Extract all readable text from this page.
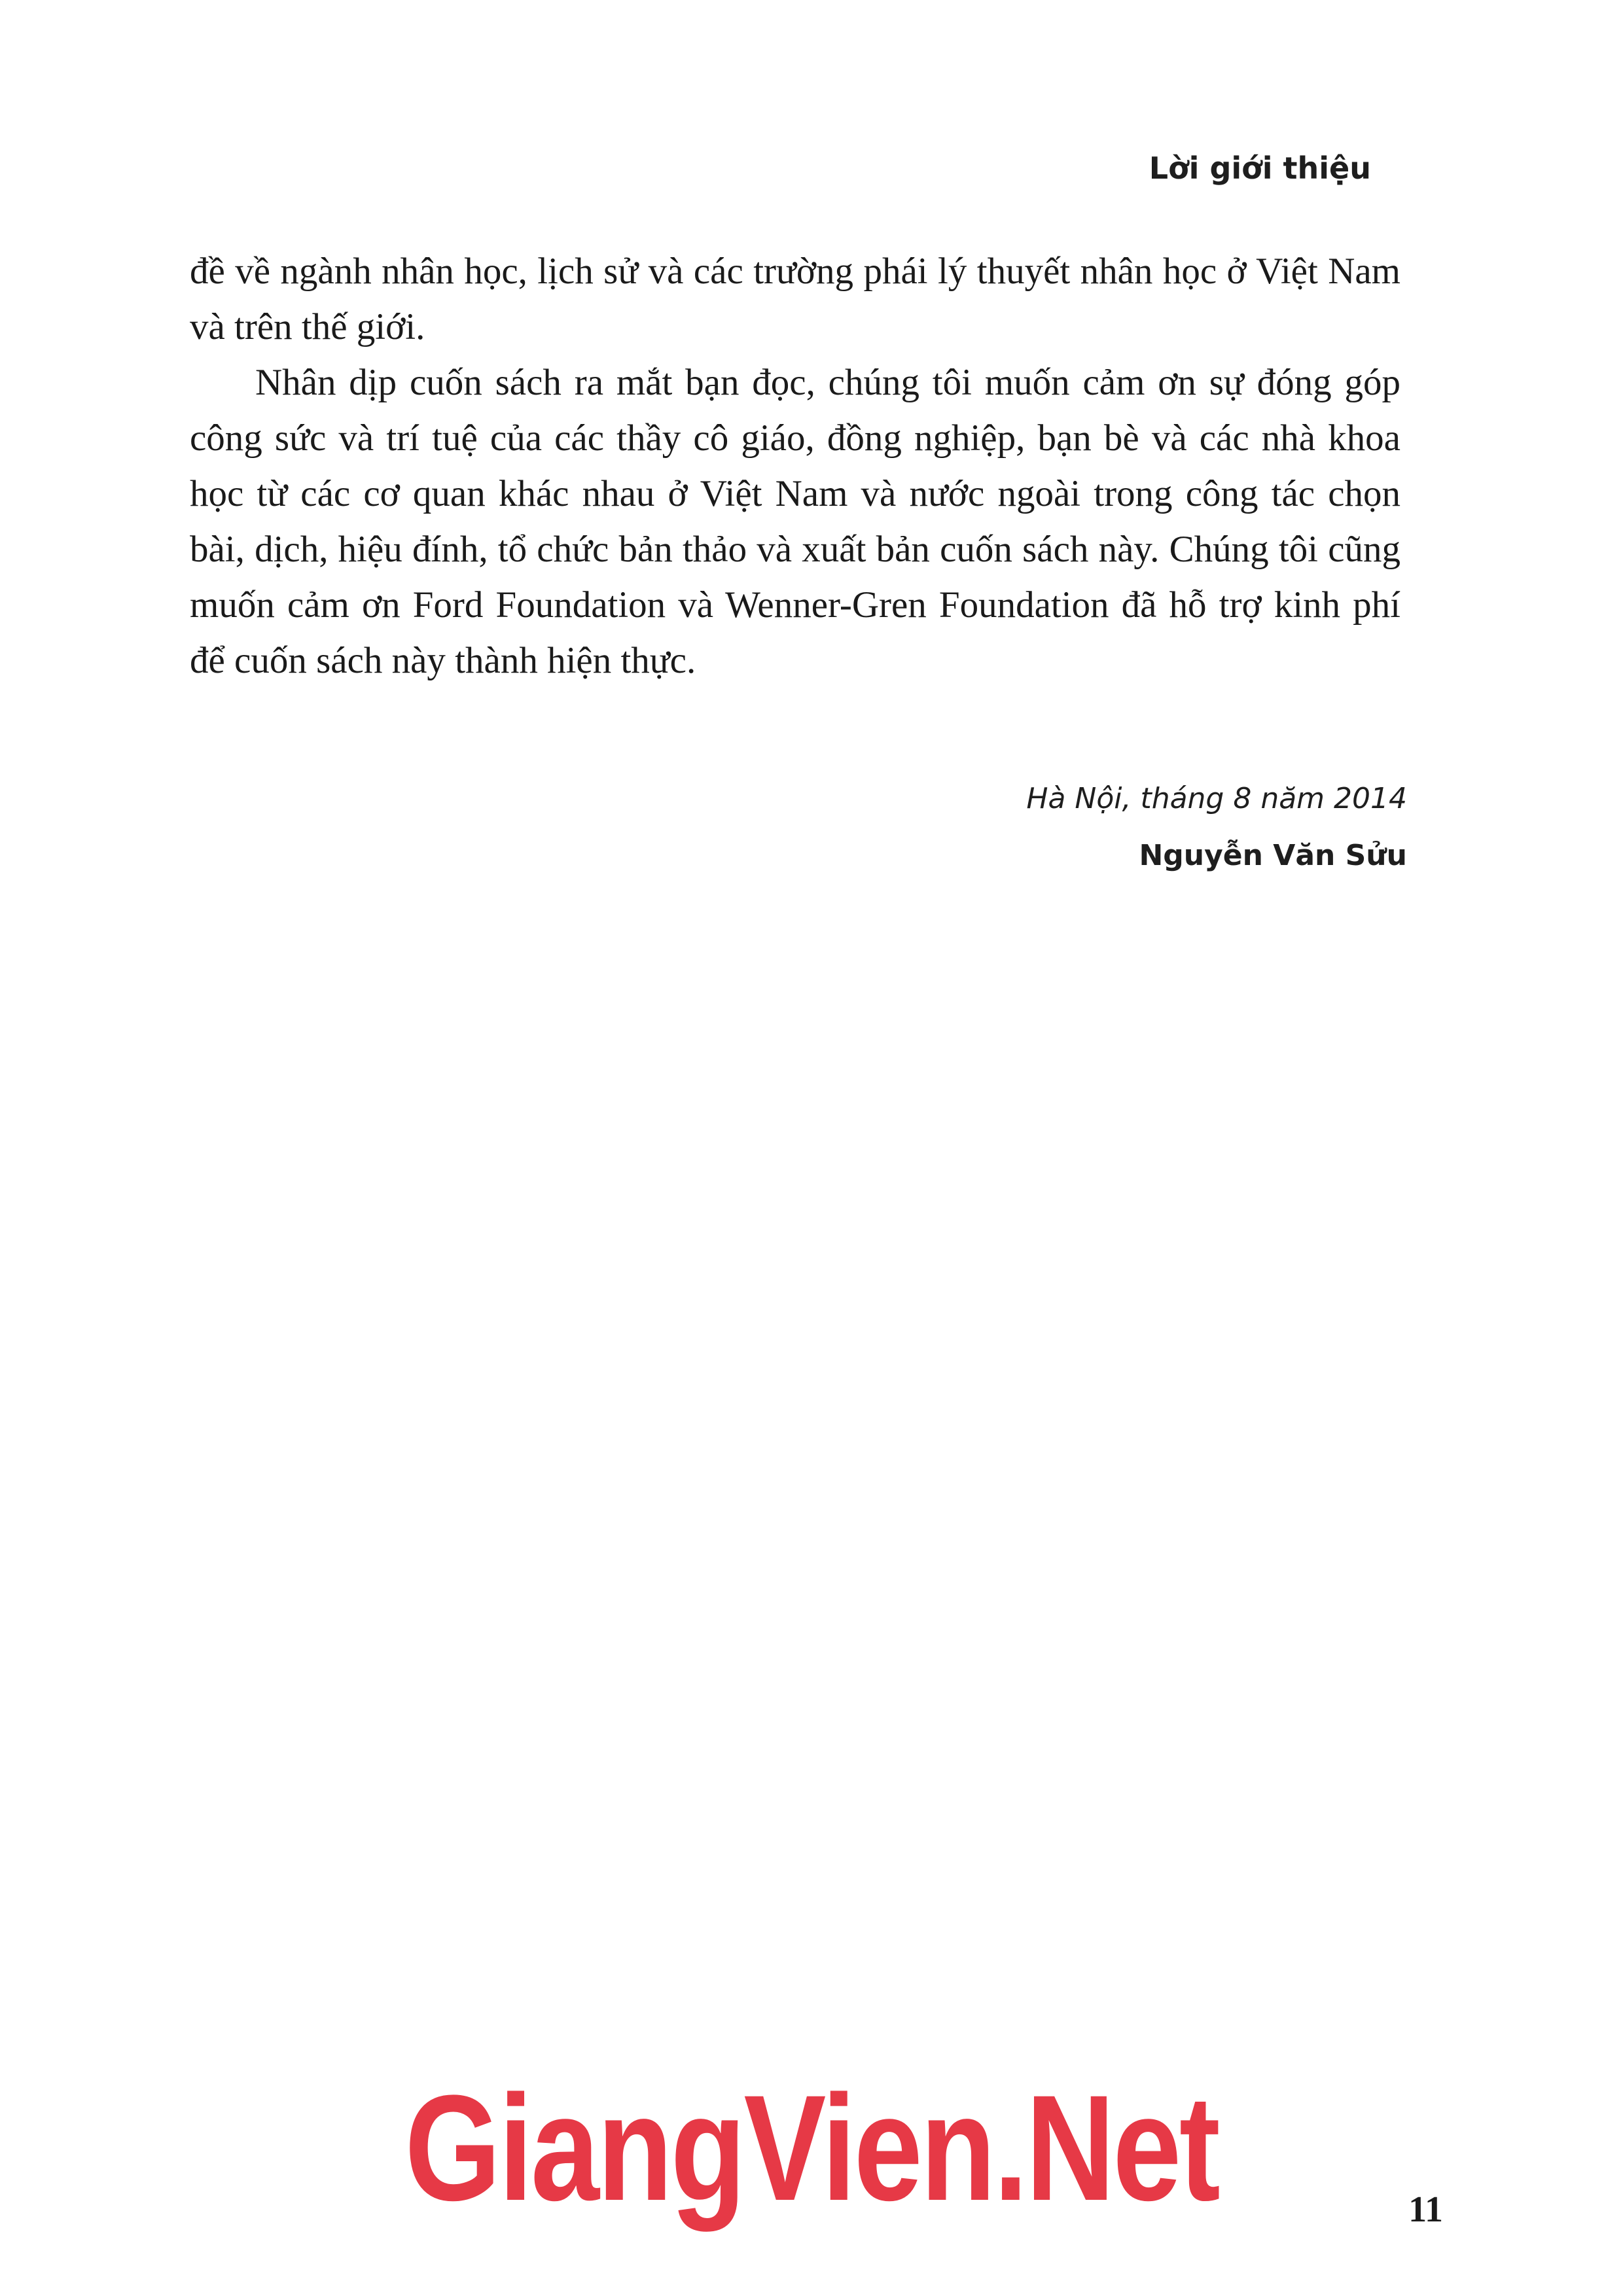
Lời giới thiệu

đề về ngành nhân học, lịch sử và các trường phái lý thuyết nhân học ở Việt Nam và trên thế giới.

Nhân dịp cuốn sách ra mắt bạn đọc, chúng tôi muốn cảm ơn sự đóng góp công sức và trí tuệ của các thầy cô giáo, đồng nghiệp, bạn bè và các nhà khoa học từ các cơ quan khác nhau ở Việt Nam và nước ngoài trong công tác chọn bài, dịch, hiệu đính, tổ chức bản thảo và xuất bản cuốn sách này. Chúng tôi cũng muốn cảm ơn Ford Foundation và Wenner-Gren Foundation đã hỗ trợ kinh phí để cuốn sách này thành hiện thực.

Hà Nội, tháng 8 năm 2014
Nguyễn Văn Sửu
GiangVien.Net	11
